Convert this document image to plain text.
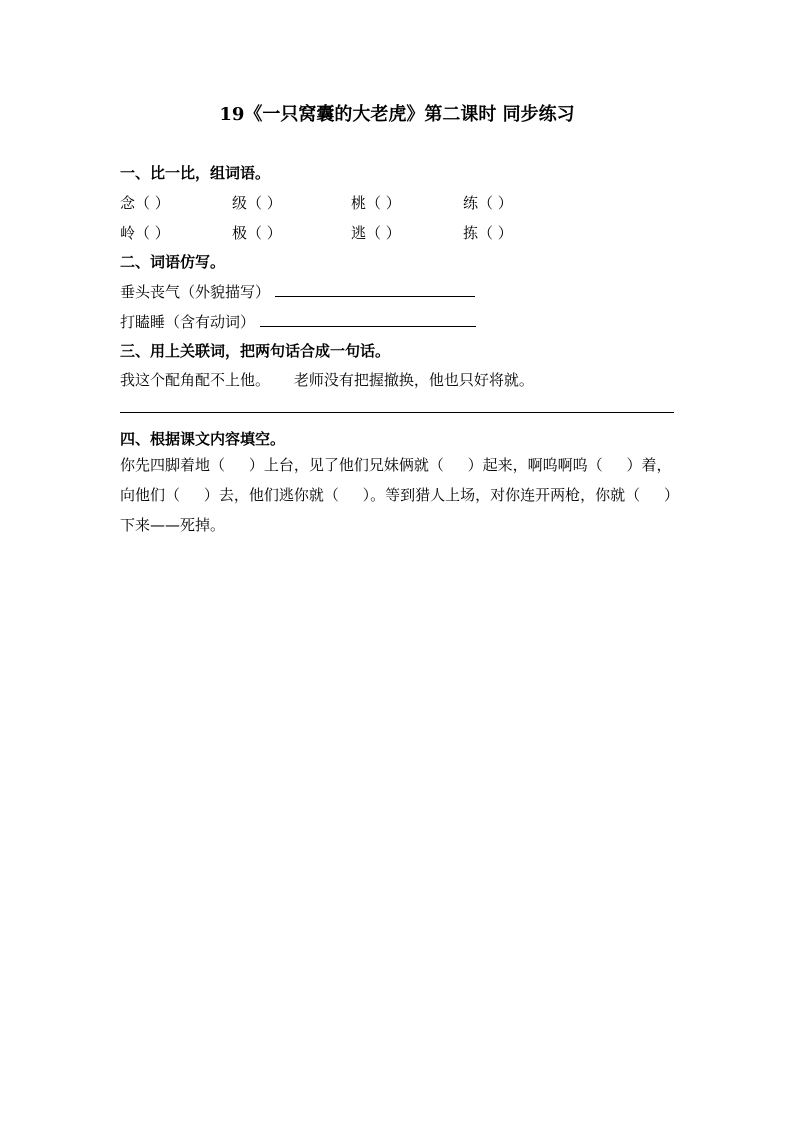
19《一只窝囊的大老虎》第二课时 同步练习
一、比一比，组词语。
念（ ）	级（ ）	桃（ ）	练（ ）
岭（ ）	极（ ）	逃（ ）	拣（ ）
二、词语仿写。
垂头丧气（外貌描写）
打瞌睡（含有动词）
三、用上关联词，把两句话合成一句话。
我这个配角配不上他。     老师没有把握撤换，他也只好将就。
四、根据课文内容填空。
你先四脚着地（     ）上台，见了他们兄妹俩就（     ）起来，啊呜啊呜（     ）着，向他们（     ）去，他们逃你就（     ）。等到猎人上场，对你连开两枪，你就（     ）下来——死掉。
